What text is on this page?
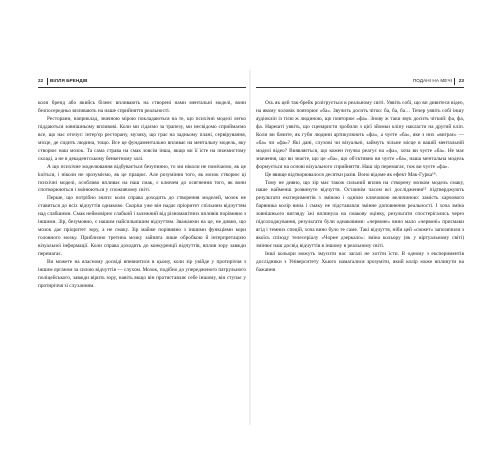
22 ВІЛЛЯ БРЕНДІВ

коли бренд або якийсь бізнес впливають на створені нами ментальні моделі, вони безпосередньо впливають на наше сприйняття реальності.

Ресторани, наприклад, значною мірою покладаються на те, що психічні моделі легко піддаються зовнішньому впливові. Коли ми сідаємо за трапезу, ми несвідомо сприймаємо все, що нас оточує: інтер'єр ресторану, музику, що грає на задньому плані, сервірування, місце, де сидить людина, тощо. Все це фундаментально впливає на ментальну модель, яку створює наш мозок. Та сама страва на смак зовсім інша, якщо ви її їсте на пижмистому складі, а не в декадентському бенкетному залі.

А що психічне моделювання відбувається безупинно, то ми ніколи не помічаємо, як це koíться, і ніколи не зрозуміємо, як це працює. Але розуміння того, як мозок створює ці психічні моделі, особливо впливає на наш смак, є ключем до осягнення того, як вони спотворюються і змінюються у споживчому світі.

Перше, що потрібно знати: коли справа доходить до створення моделей, мозок не ставиться до всіх відчуттів однаково. Скоріш уже він надає пріоритет спільним відчуттям над слабшими. Смак неймовірно слабкий і залежний від різноманітних впливів порівняно з іншими. Зір, безумовно, є нашим найсильнішим відчуттям. Зважаючи на це, не дивно, що мозок дає пріоритет зору, а не смаку. Зір майже порівняно з іншими функціями кори головного мозку. Приблизно третина мозку зайнята лише обробкою й інтерпретацією візуальної інформації. Коли справа доходить до конкуренції відчуттів, вплив зору завжди перемагає.

Ви можете на власному досвіді впевнитися в цьому, коли зір увійде у протиріччя з іншим органом за силою відчуттів — слухом. Мозок, подібно до упередженого патрульного поліцейського, завжди вірить зору, навіть якщо він протиставляє себе іншому, він ступає у протиріччя зі слуханням.

ПОДАНІ НА МЕЧІ 23

Ось як цей так-брейк розігрується в реальному світі. Уявіть собі, що ви дивитеся відео, на якому чоловік повторює «ба». Звучить досить чітко: ба, ба, ба… Тепер уявіть собі іншу аудіокліп із тією ж людиною, що повторює «фа». Знову ж таки звук досить чіткий: фа, фа, фа. Нарешті уявіть, що сценаристи зробили з цієї зйомки кліпу накласти на другий кліп. Коли ви бачите, як губи людини артикулюють «фа», а чуєте «ба», яке з них «виграє» — «ба» чи «фа»? Які дані, слухові чи візуальні, займуть чільне місце в вашій ментальній моделі відео? Виявляється, що кожен гнучко реагує на «фа», хоча ви чуєте «ба». Не має значення, що ви знаєте, що це «ба», що об'єктивно ви чуєте «ба», наша ментальна модель формується на основі візуального сприйняття. Наш зір перемагає, тож ви чуєте «фа».

Це явище відтворювалося десятки разів. Воно відоме як ефект Мак-Гурка¹⁴.

Тому не дивно, що зір має також сильний вплив на створену мозком модель смаку, наше найменш розвинуте відчуття. Останнім часом всі дослідження¹⁵ підтверджують результати експериментів з зміною і однією ключовою величиною: замість харчового барвника колір вина і смаку не підставляли змінне доповнення реальності. І хоча зміна зовнішнього вигляду їжі вплинула на смакову оцінку, результати спостерігались через підсолоджування, результати були однаковими: «червоне» вино мало «червоні» присмаки ягід і темних спецій, хоча вино було те саме. Такі відчуття, ніби цей «сюжет» запозичили з якоїсь спізоду телесеріалу «Чорне дзеркало»: зміна кольору (як у віртуальному світі) змінює наш досвід відчуттів в іншому в реальному світі.

Інші кольори можуть змусити нас загалі не хотіти їсти. В одному з експериментів дослідники з Університету Хьюго намагалися зрозуміти, який колір може вплинути на бажання
